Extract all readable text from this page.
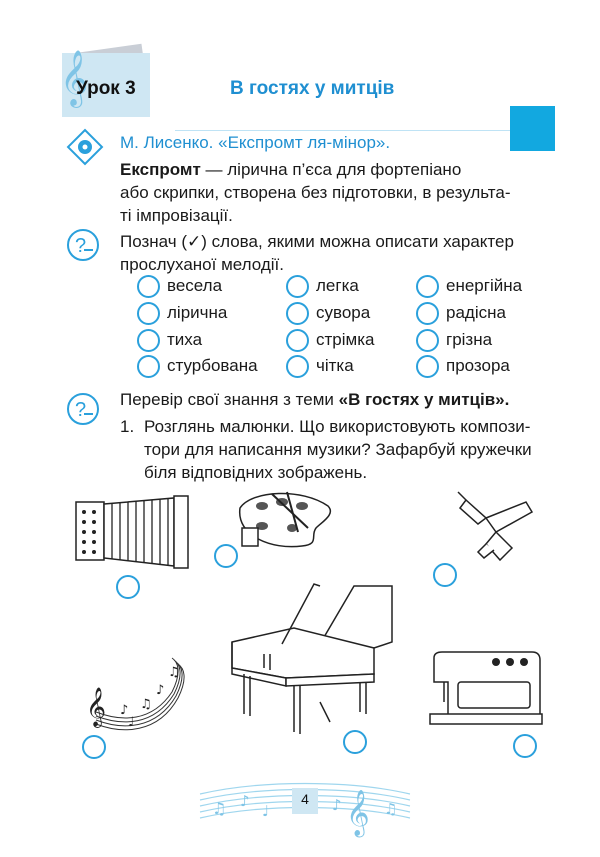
𝄞
Урок 3	В гостях у митців
М. Лисенко. «Експромт ля-мінор».
Експромт — лірична п’єса для фортепіано
або скрипки, створена без підготовки, в результа-
ті імпровізації.
? Познач (✓) слова, якими можна описати характер
прослуханої мелодії.
весела	легка	енергійна
лірична	сувора	радісна
тиха	стрімка	грізна
стурбована	чітка	прозора
? Перевір свої знання з теми «В гостях у митців».
1. Розглянь малюнки. Що використовують компози-
тори для написання музики? Зафарбуй кружечки
біля відповідних зображень.
𝄞 ♪ ♫
♪
♫
♩
♫ ♪
♩	♪	♫
𝄞
4
